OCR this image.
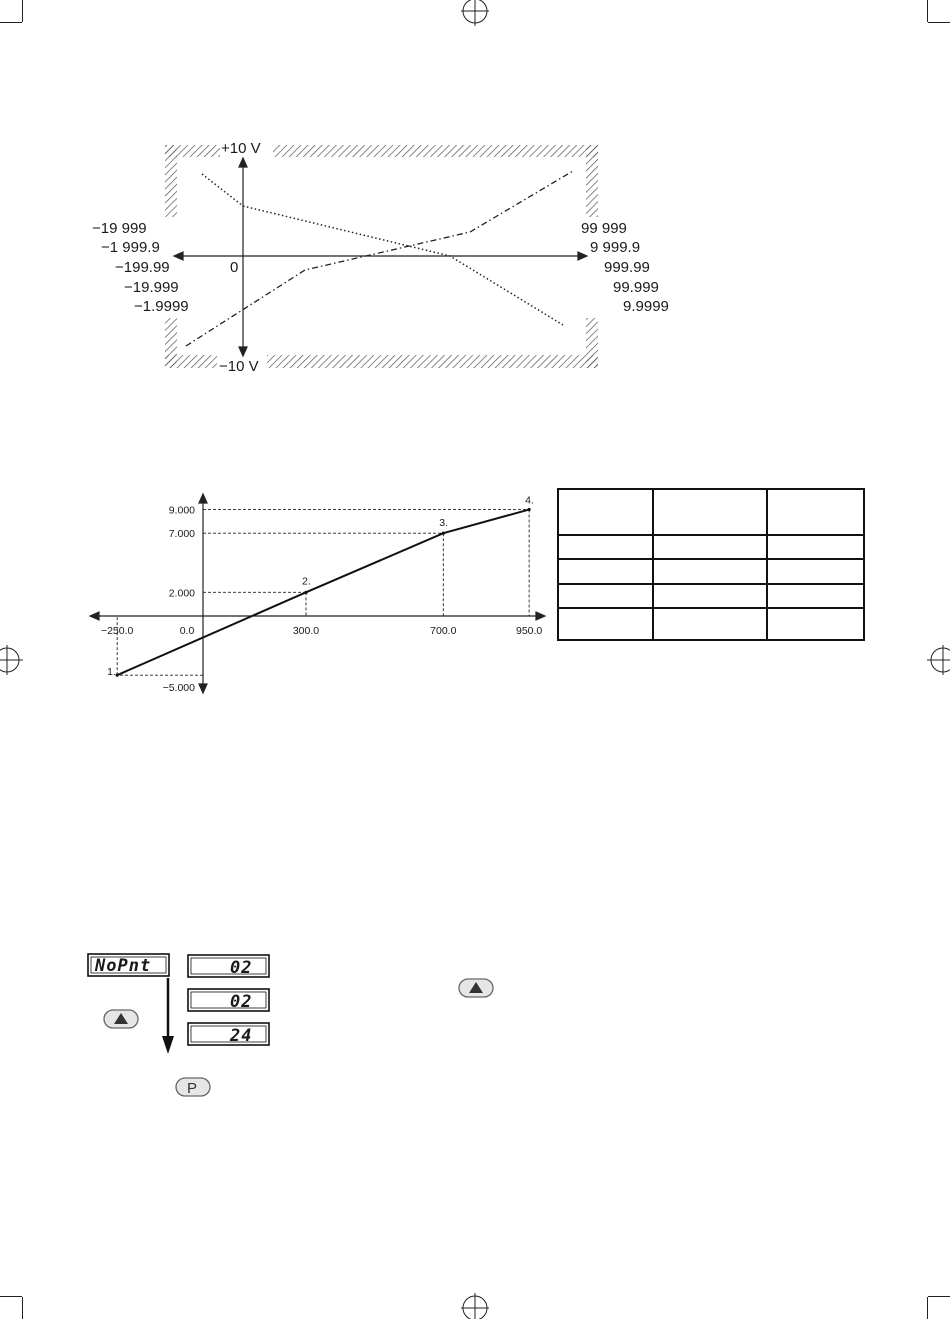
+10 V
−10 V
0
−19 999
−1 999.9
−199.99
−19.999
−1.9999
99 999
9 999.9
999.99
99.999
9.9999
−250.0	0.0	300.0	700.0	950.0
9.000
7.000
2.000
−5.000
1.
2.
3.
4.
NoPnt	02
02
24
P
